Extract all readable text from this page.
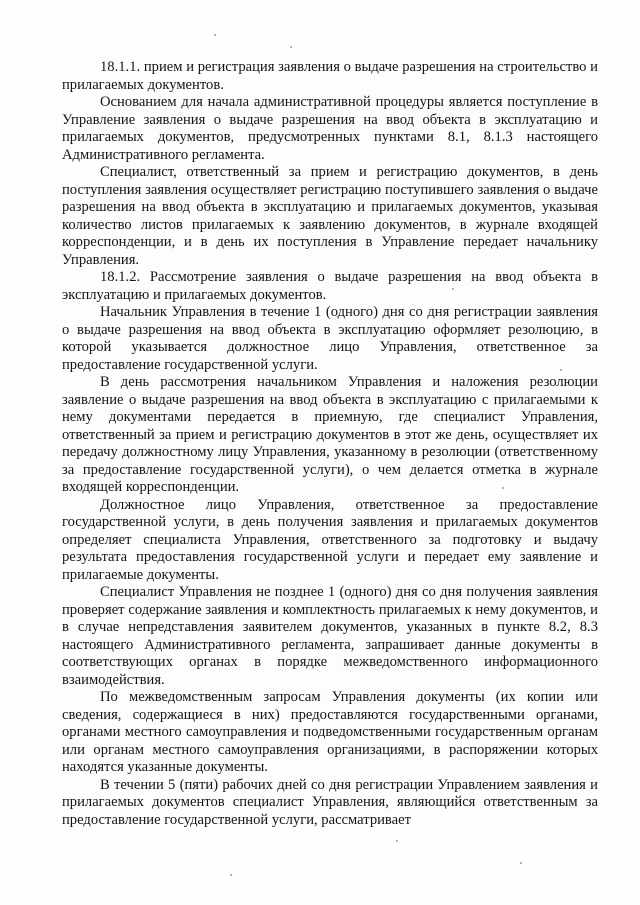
18.1.1. прием и регистрация заявления о выдаче разрешения на строительство и прилагаемых документов.

Основанием для начала административной процедуры является поступление в Управление заявления о выдаче разрешения на ввод объекта в эксплуатацию и прилагаемых документов, предусмотренных пунктами 8.1, 8.1.3 настоящего Административного регламента.

Специалист, ответственный за прием и регистрацию документов, в день поступления заявления осуществляет регистрацию поступившего заявления о выдаче разрешения на ввод объекта в эксплуатацию и прилагаемых документов, указывая количество листов прилагаемых к заявлению документов, в журнале входящей корреспонденции, и в день их поступления в Управление передает начальнику Управления.

18.1.2. Рассмотрение заявления о выдаче разрешения на ввод объекта в эксплуатацию и прилагаемых документов.

Начальник Управления в течение 1 (одного) дня со дня регистрации заявления о выдаче разрешения на ввод объекта в эксплуатацию оформляет резолюцию, в которой указывается должностное лицо Управления, ответственное за предоставление государственной услуги.

В день рассмотрения начальником Управления и наложения резолюции заявление о выдаче разрешения на ввод объекта в эксплуатацию с прилагаемыми к нему документами передается в приемную, где специалист Управления, ответственный за прием и регистрацию документов в этот же день, осуществляет их передачу должностному лицу Управления, указанному в резолюции (ответственному за предоставление государственной услуги), о чем делается отметка в журнале входящей корреспонденции.

Должностное лицо Управления, ответственное за предоставление государственной услуги, в день получения заявления и прилагаемых документов определяет специалиста Управления, ответственного за подготовку и выдачу результата предоставления государственной услуги и передает ему заявление и прилагаемые документы.

Специалист Управления не позднее 1 (одного) дня со дня получения заявления проверяет содержание заявления и комплектность прилагаемых к нему документов, и в случае непредставления заявителем документов, указанных в пункте 8.2, 8.3 настоящего Административного регламента, запрашивает данные документы в соответствующих органах в порядке межведомственного информационного взаимодействия.

По межведомственным запросам Управления документы (их копии или сведения, содержащиеся в них) предоставляются государственными органами, органами местного самоуправления и подведомственными государственным органам или органам местного самоуправления организациями, в распоряжении которых находятся указанные документы.

В течении 5 (пяти) рабочих дней со дня регистрации Управлением заявления и прилагаемых документов специалист Управления, являющийся ответственным за предоставление государственной услуги, рассматривает
